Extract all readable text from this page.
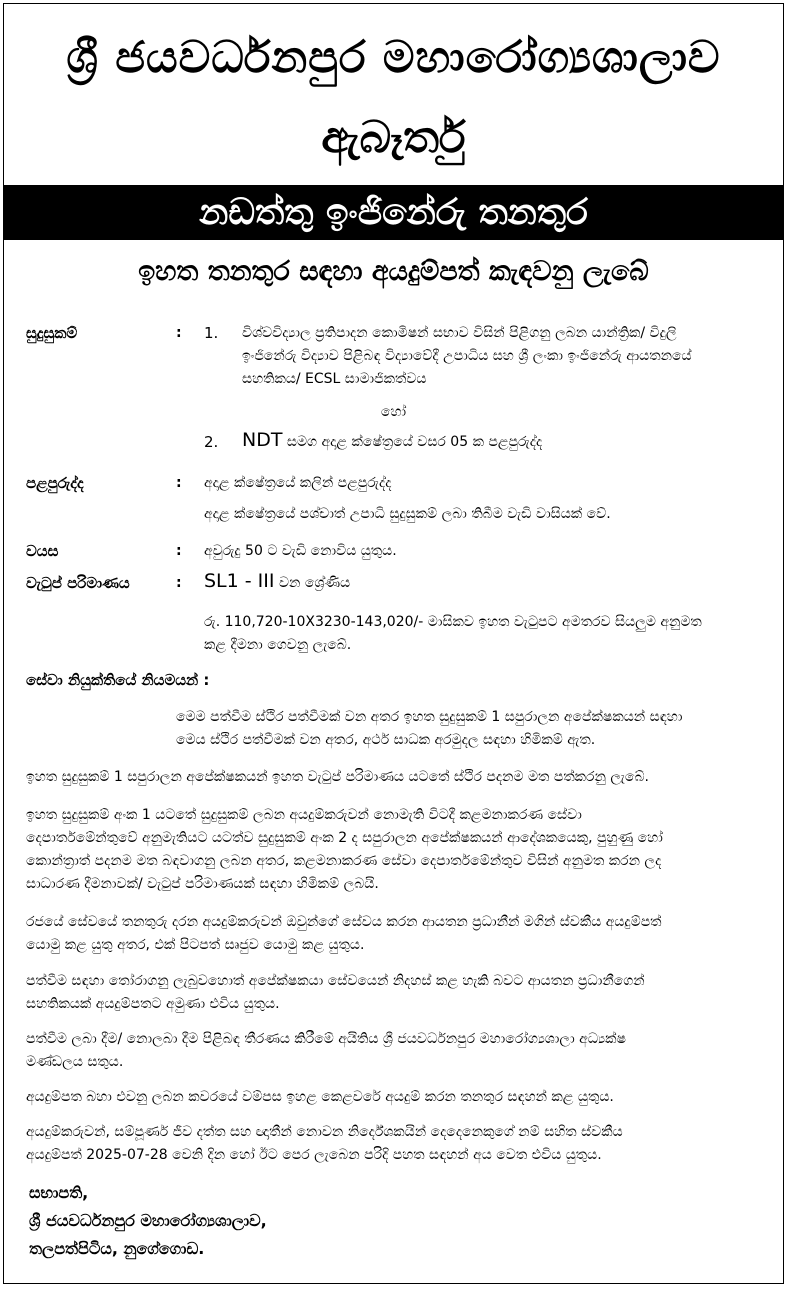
ශ්‍රී ජයවර්ධනපුර මහාරෝග්‍යශාලාව
ඇබෑර්තු
නඩත්තු ඉංජිනේරු තනතුර
ඉහත තනතුර සඳහා අයදුම්පත් කැඳවනු ලැබේ
සුදුසුකම්	: 1. විශ්වවිද්‍යාල ප්‍රතිපාදන කොමිෂන් සභාව විසින් පිළිගනු ලබන යාන්ත්‍රික/ විදුලි
ඉංජිනේරු විද්‍යාව පිළිබඳ විද්‍යාවේදී උපාධිය සහ ශ්‍රී ලංකා ඉංජිනේරු ආයතනයේ
සහතිකය/ ECSL සාමාජිකත්වය
හෝ
2. NDT සමග අදාළ ක්ෂේත්‍රයේ වසර 05 ක පළපුරුද්ද
පළපුරුද්ද	: අදාළ ක්ෂේත්‍රයේ කලින් පළපුරුද්ද
අදාළ ක්ෂේත්‍රයේ පශ්චාත් උපාධි සුදුසුකම් ලබා තිබීම වැඩි වාසියක් වේ.
වයස	: අවුරුදු 50 ට වැඩි නොවිය යුතුය.
වැටුප් පරිමාණය	: SL1 - III වන ශ්‍රේණිය
රු. 110,720-10X3230-143,020/- මාසිකව ඉහත වැටුපට අමතරව සියලුම අනුමත
කළ දීමනා ගෙවනු ලැබේ.
සේවා නියුක්තියේ නියමයන් :
මෙම පත්වීම ස්ථිර පත්වීමක් වන අතර ඉහත සුදුසුකම් 1 සපුරාලන අපේක්ෂකයන් සඳහා
මෙය ස්ථිර පත්වීමක් වන අතර, අර්ථ සාධක අරමුදල සඳහා හිමිකම් ඇත.
ඉහත සුදුසුකම් 1 සපුරාලන අපේක්ෂකයන් ඉහත වැටුප් පරිමාණය යටතේ ස්ථිර පදනම මත පත්කරනු ලැබේ.
ඉහත සුදුසුකම් අංක 1 යටතේ සුදුසුකම් ලබන අයදුම්කරුවන් නොමැති විටදී කළමනාකරණ සේවා
දෙපාර්තමේන්තුවේ අනුමැතියට යටත්ව සුදුසුකම් අංක 2 ද සපුරාලන අපේක්ෂකයන් ආදේශකයෙකු, පුහුණු හෝ
කොන්ත්‍රාත් පදනම මත බඳවාගනු ලබන අතර, කළමනාකරණ සේවා දෙපාර්තමේන්තුව විසින් අනුමත කරන ලද
සාධාරණ දීමනාවක්/ වැටුප් පරිමාණයක් සඳහා හිමිකම් ලබයි.
රජයේ සේවයේ තනතුරු දරන අයදුම්කරුවන් ඔවුන්ගේ සේවය කරන ආයතන ප්‍රධානීන් මගින් ස්වකීය අයදුම්පත්
යොමු කළ යුතු අතර, එක් පිටපත් සෘජුව යොමු කළ යුතුය.
පත්වීම සඳහා තෝරාගනු ලැබුවහොත් අපේක්ෂකයා සේවයෙන් නිදහස් කළ හැකි බවට ආයතන ප්‍රධානීගෙන්
සහතිකයක් අයදුම්පතට අමුණා එවිය යුතුය.
පත්වීම ලබා දීම/ නොලබා දීම පිළිබඳ තීරණය කිරීමේ අයිතිය ශ්‍රී ජයවර්ධනපුර මහාරෝග්‍යශාලා අධ්‍යක්ෂ
මණ්ඩලය සතුය.
අයදුම්පත බහා එවනු ලබන කවරයේ වම්පස ඉහළ කෙළවරේ අයදුම් කරන තනතුර සඳහන් කළ යුතුය.
අයදුම්කරුවන්, සම්පූර්ණ ජීව දත්ත සහ ඥාතීන් නොවන නිර්දේශකයින් දෙදෙනෙකුගේ නම් සහිත ස්වකීය
අයදුම්පත් 2025-07-28 වෙනි දින හෝ ඊට පෙර ලැබෙන පරිදි පහත සඳහන් අය වෙත එවිය යුතුය.
සභාපති,
ශ්‍රී ජයවර්ධනපුර මහාරෝග්‍යශාලාව,
තලපත්පිටිය, නුගේගොඩ.
